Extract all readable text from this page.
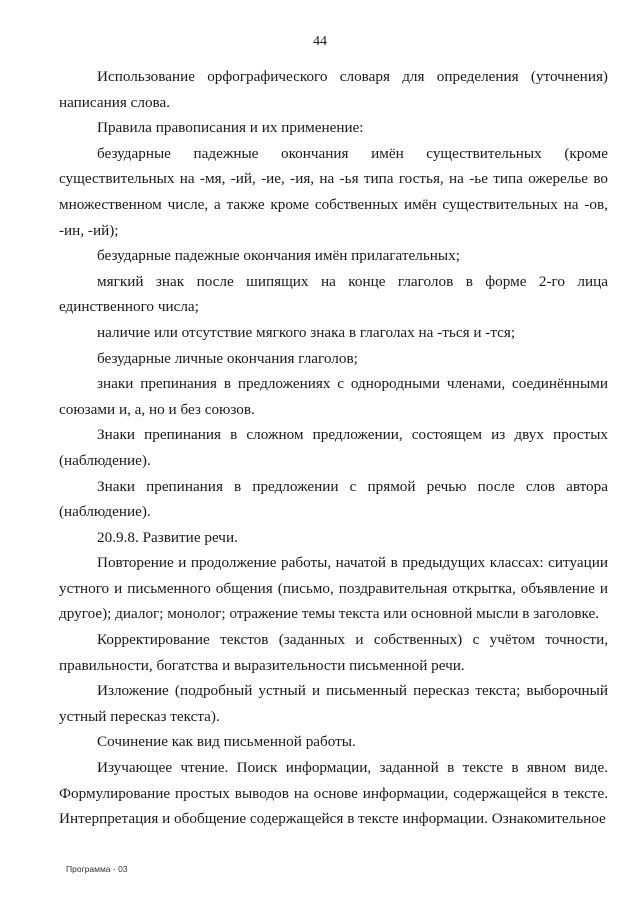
44

Использование орфографического словаря для определения (уточнения) написания слова.

Правила правописания и их применение:

безударные падежные окончания имён существительных (кроме существительных на -мя, -ий, -ие, -ия, на -ья типа гостья, на -ье типа ожерелье во множественном числе, а также кроме собственных имён существительных на -ов, -ин, -ий);

безударные падежные окончания имён прилагательных;

мягкий знак после шипящих на конце глаголов в форме 2-го лица единственного числа;

наличие или отсутствие мягкого знака в глаголах на -ться и -тся;

безударные личные окончания глаголов;

знаки препинания в предложениях с однородными членами, соединёнными союзами и, а, но и без союзов.

Знаки препинания в сложном предложении, состоящем из двух простых (наблюдение).

Знаки препинания в предложении с прямой речью после слов автора (наблюдение).

20.9.8. Развитие речи.

Повторение и продолжение работы, начатой в предыдущих классах: ситуации устного и письменного общения (письмо, поздравительная открытка, объявление и другое); диалог; монолог; отражение темы текста или основной мысли в заголовке.

Корректирование текстов (заданных и собственных) с учётом точности, правильности, богатства и выразительности письменной речи.

Изложение (подробный устный и письменный пересказ текста; выборочный устный пересказ текста).

Сочинение как вид письменной работы.

Изучающее чтение. Поиск информации, заданной в тексте в явном виде. Формулирование простых выводов на основе информации, содержащейся в тексте. Интерпретация и обобщение содержащейся в тексте информации. Ознакомительное

Программа - 03
